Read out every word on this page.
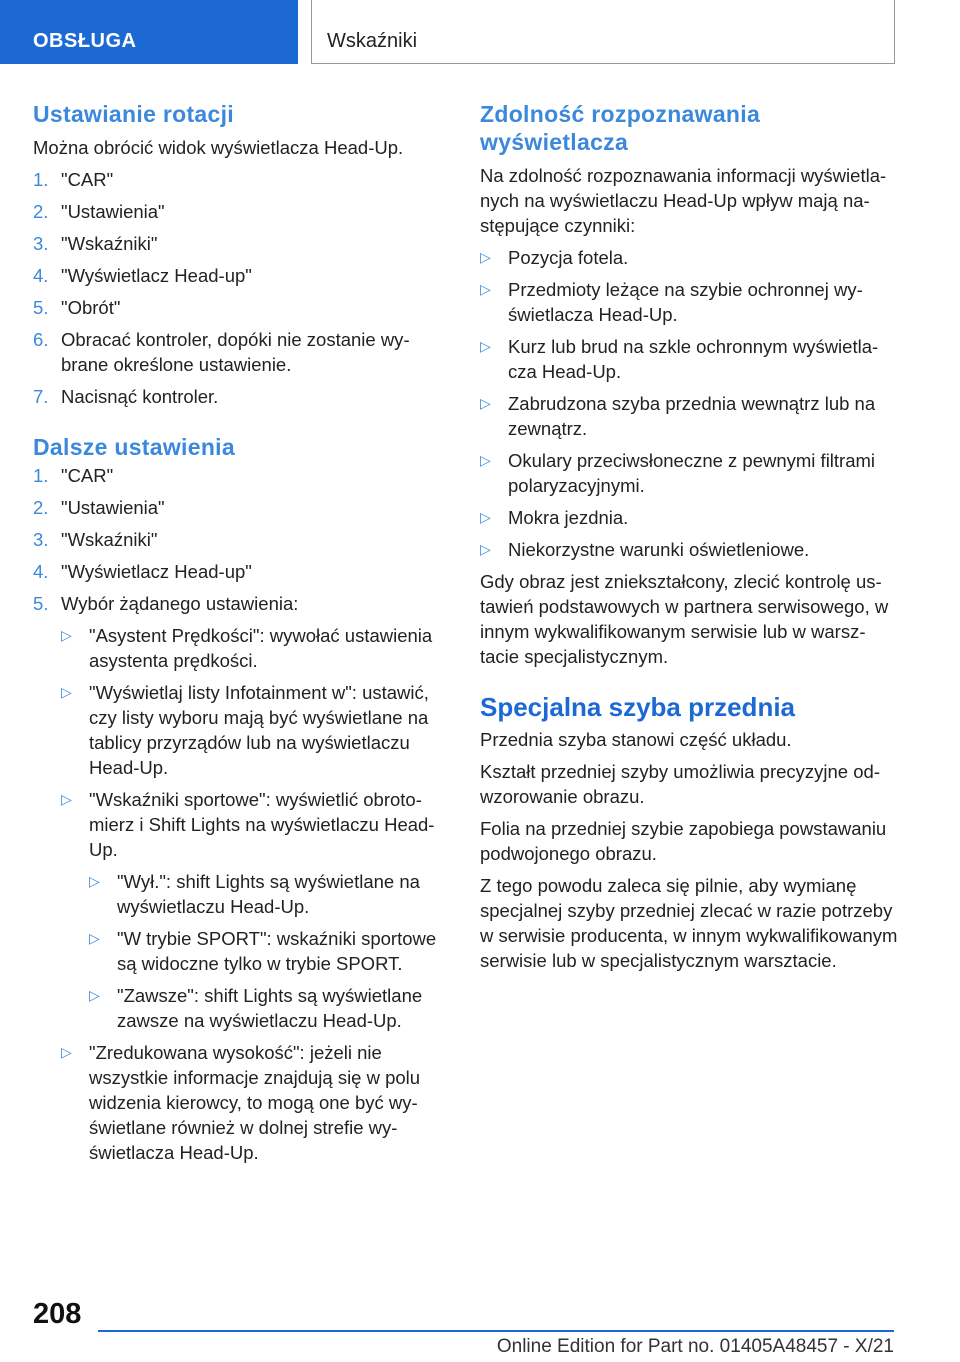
OBSŁUGA	Wskaźniki
Ustawianie rotacji

Można obrócić widok wyświetlacza Head-Up.

1. "CAR"
2. "Ustawienia"
3. "Wskaźniki"
4. "Wyświetlacz Head-up"
5. "Obrót"
6. Obracać kontroler, dopóki nie zostanie wybrane określone ustawienie.
7. Nacisnąć kontroler.
Dalsze ustawienia
1. "CAR"
2. "Ustawienia"
3. "Wskaźniki"
4. "Wyświetlacz Head-up"
5. Wybór żądanego ustawienia:
▷ "Asystent Prędkości": wywołać ustawienia asystenta prędkości.
▷ "Wyświetlaj listy Infotainment w": ustawić, czy listy wyboru mają być wyświetlane na tablicy przyrządów lub na wyświetlaczu Head-Up.
▷ "Wskaźniki sportowe": wyświetlić obrotomierz i Shift Lights na wyświetlaczu Head-Up.
▷ "Wył.": shift Lights są wyświetlane na wyświetlaczu Head-Up.
▷ "W trybie SPORT": wskaźniki sportowe są widoczne tylko w trybie SPORT.
▷ "Zawsze": shift Lights są wyświetlane zawsze na wyświetlaczu Head-Up.
▷ "Zredukowana wysokość": jeżeli nie wszystkie informacje znajdują się w polu widzenia kierowcy, to mogą one być wyświetlane również w dolnej strefie wyświetlacza Head-Up.
Zdolność rozpoznawania wyświetlacza

Na zdolność rozpoznawania informacji wyświetlanych na wyświetlaczu Head-Up wpływ mają następujące czynniki:

▷ Pozycja fotela.
▷ Przedmioty leżące na szybie ochronnej wyświetlacza Head-Up.
▷ Kurz lub brud na szkle ochronnym wyświetlacza Head-Up.
▷ Zabrudzona szyba przednia wewnątrz lub na zewnątrz.
▷ Okulary przeciwsłoneczne z pewnymi filtrami polaryzacyjnymi.
▷ Mokra jezdnia.
▷ Niekorzystne warunki oświetleniowe.

Gdy obraz jest zniekształcony, zlecić kontrolę ustawień podstawowych w partnera serwisowego, w innym wykwalifikowanym serwisie lub w warsztacie specjalistycznym.

Specjalna szyba przednia

Przednia szyba stanowi część układu.

Kształt przedniej szyby umożliwia precyzyjne odwzorowanie obrazu.

Folia na przedniej szybie zapobiega powstawaniu podwojonego obrazu.

Z tego powodu zaleca się pilnie, aby wymianę specjalnej szyby przedniej zlecać w razie potrzeby w serwisie producenta, w innym wykwalifikowanym serwisie lub w specjalistycznym warsztacie.

208
Online Edition for Part no. 01405A48457 - X/21
